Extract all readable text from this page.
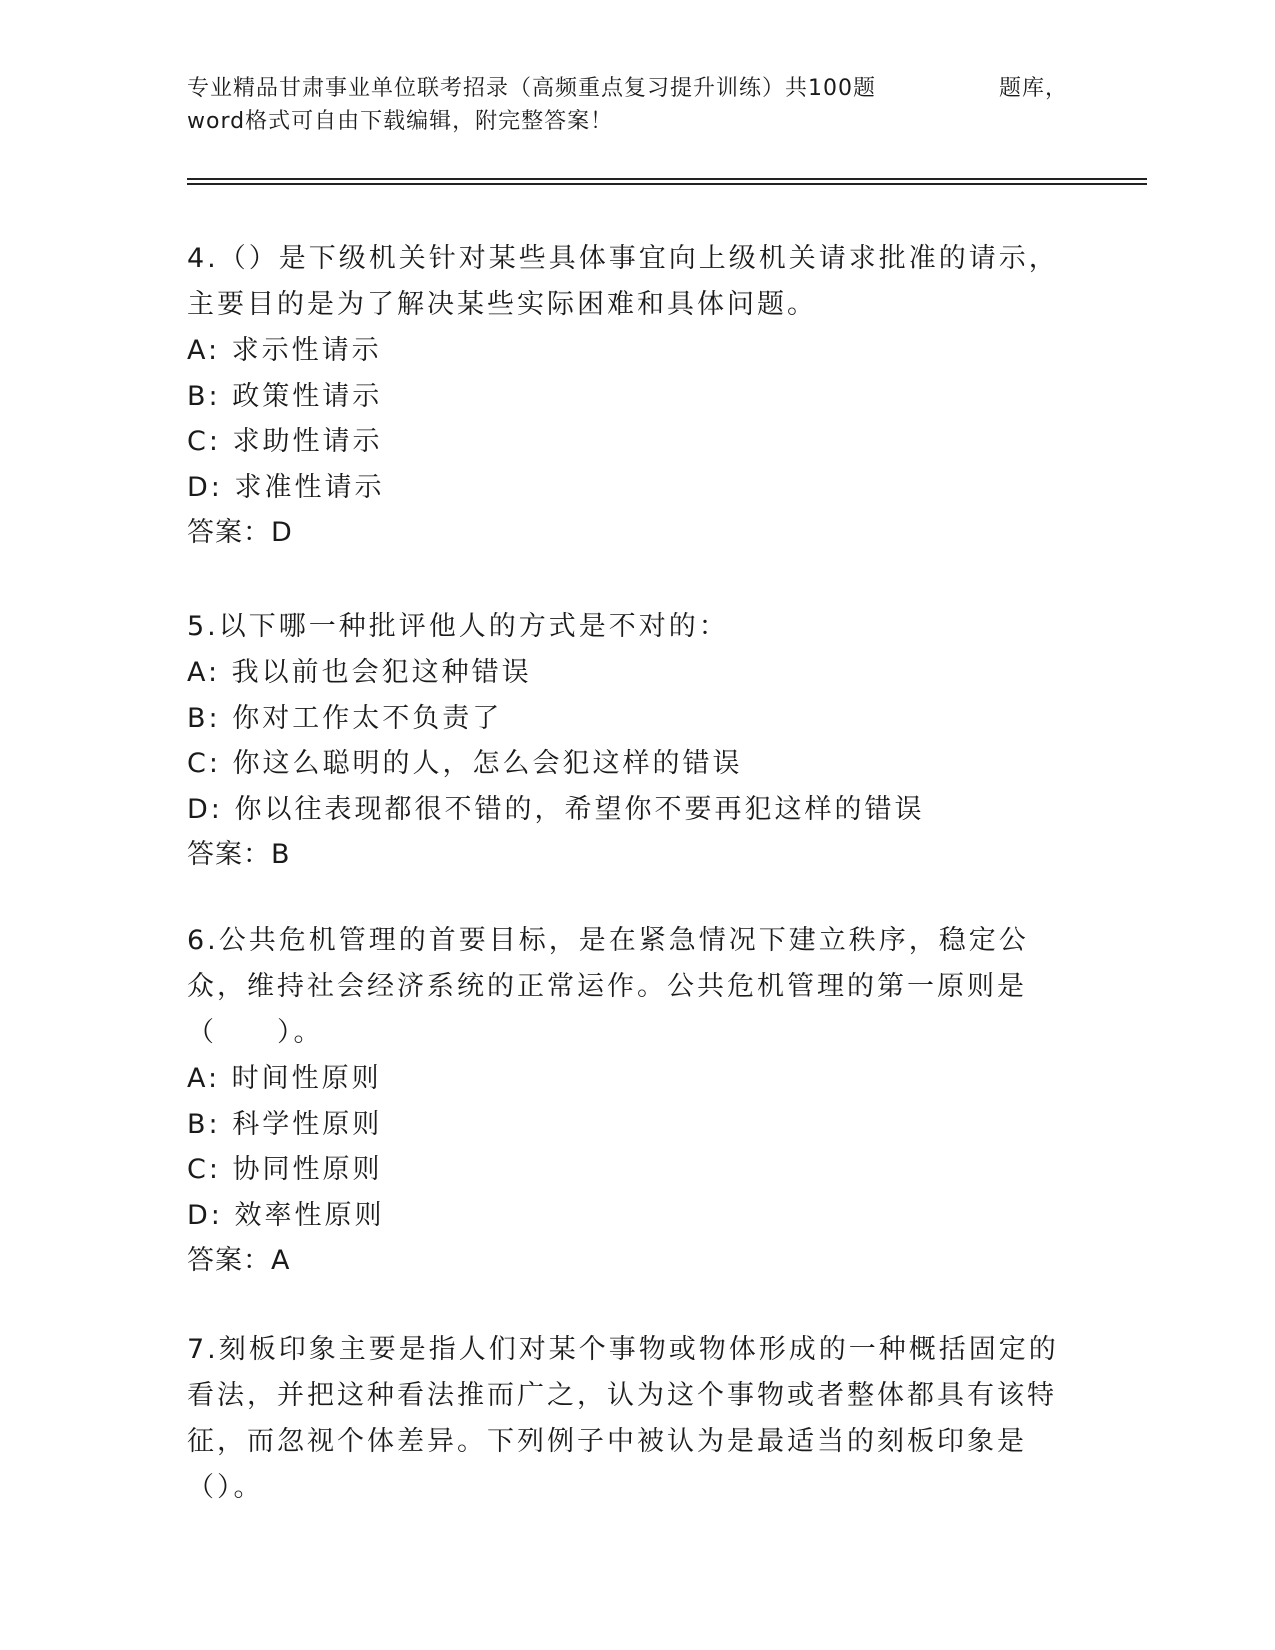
专业精品甘肃事业单位联考招录（高频重点复习提升训练）共100题	题库，
word格式可自由下载编辑，附完整答案！

4.（）是下级机关针对某些具体事宜向上级机关请求批准的请示，主要目的是为了解决某些实际困难和具体问题。

A: 求示性请示

B: 政策性请示

C: 求助性请示

D: 求准性请示

答案：D

5.以下哪一种批评他人的方式是不对的：

A: 我以前也会犯这种错误

B: 你对工作太不负责了

C: 你这么聪明的人，怎么会犯这样的错误

D: 你以往表现都很不错的，希望你不要再犯这样的错误

答案：B

6.公共危机管理的首要目标，是在紧急情况下建立秩序，稳定公众，维持社会经济系统的正常运作。公共危机管理的第一原则是（　　）。

A: 时间性原则

B: 科学性原则

C: 协同性原则

D: 效率性原则

答案：A

7.刻板印象主要是指人们对某个事物或物体形成的一种概括固定的看法，并把这种看法推而广之，认为这个事物或者整体都具有该特征，而忽视个体差异。下列例子中被认为是最适当的刻板印象是（）。
